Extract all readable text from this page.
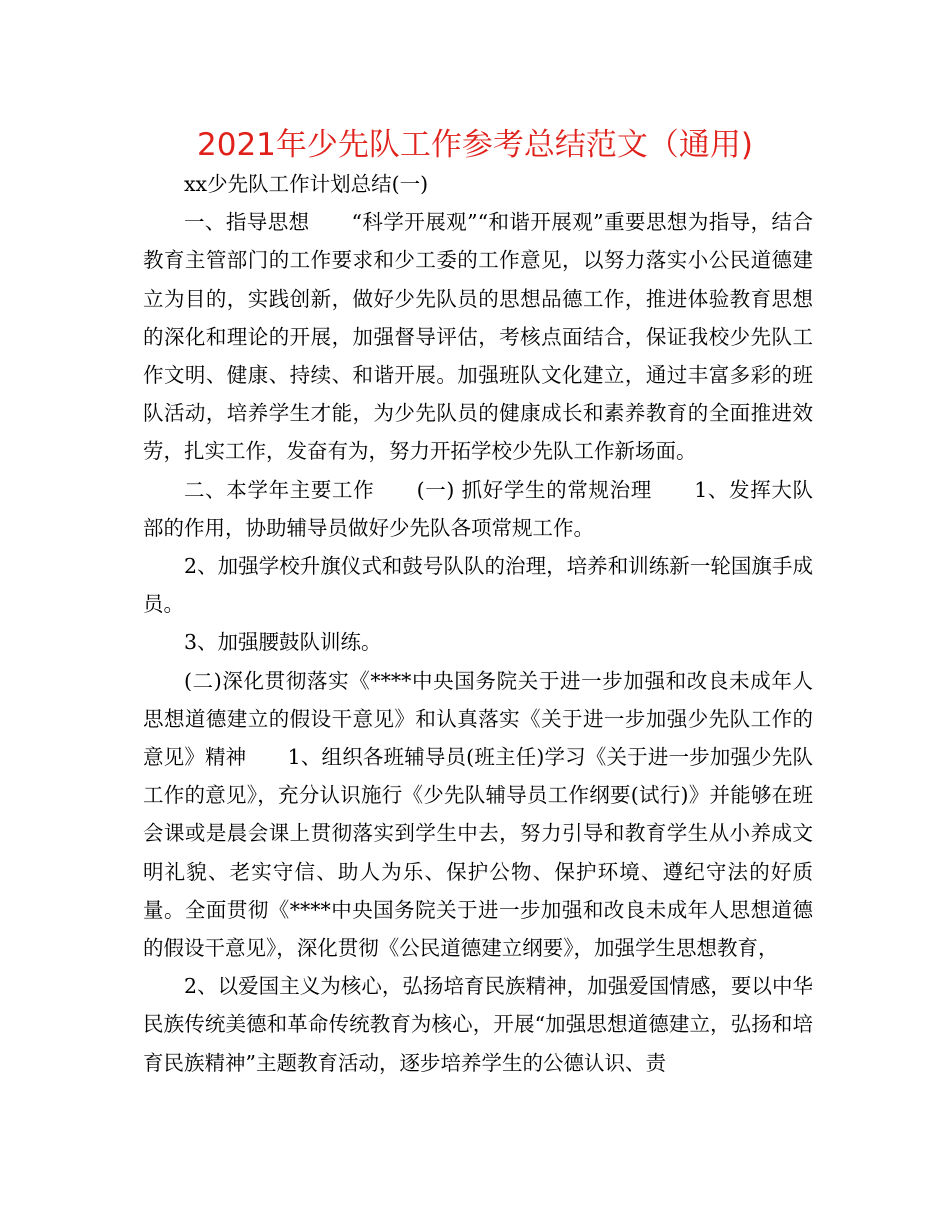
2021年少先队工作参考总结范文（通用)

xx少先队工作计划总结(一)

一、指导思想　　“科学开展观”“和谐开展观”重要思想为指导，结合教育主管部门的工作要求和少工委的工作意见，以努力落实小公民道德建立为目的，实践创新，做好少先队员的思想品德工作，推进体验教育思想的深化和理论的开展，加强督导评估，考核点面结合，保证我校少先队工作文明、健康、持续、和谐开展。加强班队文化建立，通过丰富多彩的班队活动，培养学生才能，为少先队员的健康成长和素养教育的全面推进效劳，扎实工作，发奋有为，努力开拓学校少先队工作新场面。

二、本学年主要工作　　(一) 抓好学生的常规治理　　1、发挥大队部的作用，协助辅导员做好少先队各项常规工作。

2、加强学校升旗仪式和鼓号队队的治理，培养和训练新一轮国旗手成员。

3、加强腰鼓队训练。

(二)深化贯彻落实《****中央国务院关于进一步加强和改良未成年人思想道德建立的假设干意见》和认真落实《关于进一步加强少先队工作的意见》精神　　1、组织各班辅导员(班主任)学习《关于进一步加强少先队工作的意见》，充分认识施行《少先队辅导员工作纲要(试行)》并能够在班会课或是晨会课上贯彻落实到学生中去，努力引导和教育学生从小养成文明礼貌、老实守信、助人为乐、保护公物、保护环境、遵纪守法的好质量。全面贯彻《****中央国务院关于进一步加强和改良未成年人思想道德的假设干意见》，深化贯彻《公民道德建立纲要》，加强学生思想教育，

2、以爱国主义为核心，弘扬培育民族精神，加强爱国情感，要以中华民族传统美德和革命传统教育为核心，开展“加强思想道德建立，弘扬和培育民族精神”主题教育活动，逐步培养学生的公德认识、责
